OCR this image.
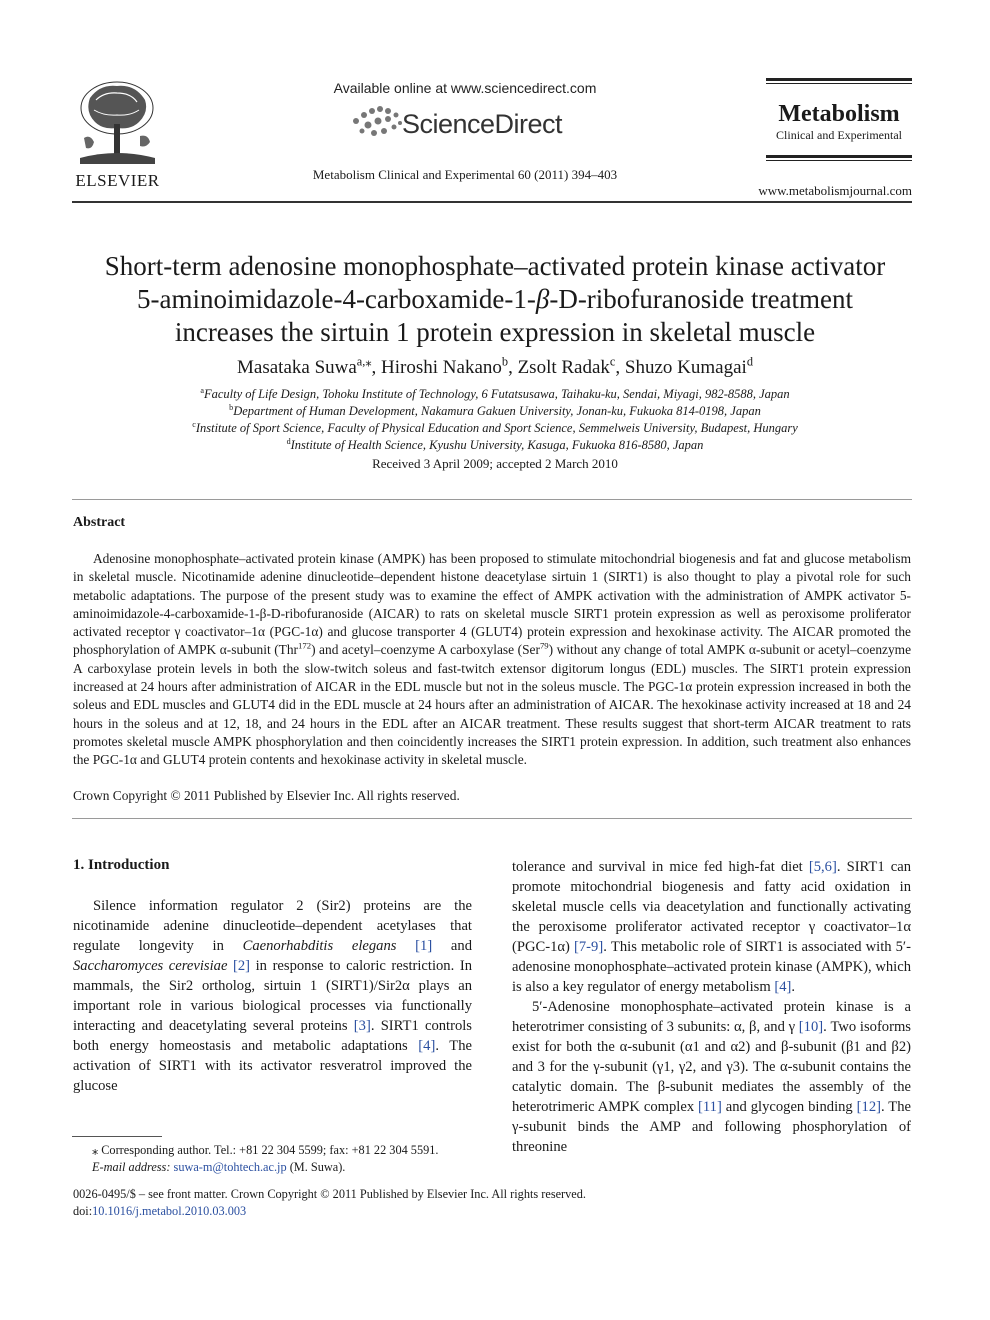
ELSEVIER
Available online at www.sciencedirect.com
ScienceDirect
Metabolism Clinical and Experimental 60 (2011) 394–403
Metabolism
Clinical and Experimental
www.metabolismjournal.com
Short-term adenosine monophosphate–activated protein kinase activator
5-aminoimidazole-4-carboxamide-1-β-D-ribofuranoside treatment
increases the sirtuin 1 protein expression in skeletal muscle
Masataka Suwa$^{a,⁎}$, Hiroshi Nakano$^b$, Zsolt Radak$^c$, Shuzo Kumagai$^d$
$^a$Faculty of Life Design, Tohoku Institute of Technology, 6 Futatsusawa, Taihaku-ku, Sendai, Miyagi, 982-8588, Japan
$^b$Department of Human Development, Nakamura Gakuen University, Jonan-ku, Fukuoka 814-0198, Japan
$^c$Institute of Sport Science, Faculty of Physical Education and Sport Science, Semmelweis University, Budapest, Hungary
$^d$Institute of Health Science, Kyushu University, Kasuga, Fukuoka 816-8580, Japan
Received 3 April 2009; accepted 2 March 2010
Abstract
Adenosine monophosphate–activated protein kinase (AMPK) has been proposed to stimulate mitochondrial biogenesis and fat and glucose metabolism in skeletal muscle. Nicotinamide adenine dinucleotide–dependent histone deacetylase sirtuin 1 (SIRT1) is also thought to play a pivotal role for such metabolic adaptations. The purpose of the present study was to examine the effect of AMPK activation with the administration of AMPK activator 5-aminoimidazole-4-carboxamide-1-β-D-ribofuranoside (AICAR) to rats on skeletal muscle SIRT1 protein expression as well as peroxisome proliferator activated receptor γ coactivator–1α (PGC-1α) and glucose transporter 4 (GLUT4) protein expression and hexokinase activity. The AICAR promoted the phosphorylation of AMPK α-subunit (Thr$^{172}$) and acetyl–coenzyme A carboxylase (Ser$^{79}$) without any change of total AMPK α-subunit or acetyl–coenzyme A carboxylase protein levels in both the slow-twitch soleus and fast-twitch extensor digitorum longus (EDL) muscles. The SIRT1 protein expression increased at 24 hours after administration of AICAR in the EDL muscle but not in the soleus muscle. The PGC-1α protein expression increased in both the soleus and EDL muscles and GLUT4 did in the EDL muscle at 24 hours after an administration of AICAR. The hexokinase activity increased at 18 and 24 hours in the soleus and at 12, 18, and 24 hours in the EDL after an AICAR treatment. These results suggest that short-term AICAR treatment to rats promotes skeletal muscle AMPK phosphorylation and then coincidently increases the SIRT1 protein expression. In addition, such treatment also enhances the PGC-1α and GLUT4 protein contents and hexokinase activity in skeletal muscle.
Crown Copyright © 2011 Published by Elsevier Inc. All rights reserved.
1. Introduction

Silence information regulator 2 (Sir2) proteins are the nicotinamide adenine dinucleotide–dependent acetylases that regulate longevity in Caenorhabditis elegans [1] and Saccharomyces cerevisiae [2] in response to caloric restriction. In mammals, the Sir2 ortholog, sirtuin 1 (SIRT1)/Sir2α plays an important role in various biological processes via functionally interacting and deacetylating several proteins [3]. SIRT1 controls both energy homeostasis and metabolic adaptations [4]. The activation of SIRT1 with its activator resveratrol improved the glucose

tolerance and survival in mice fed high-fat diet [5,6]. SIRT1 can promote mitochondrial biogenesis and fatty acid oxidation in skeletal muscle cells via deacetylation and functionally activating the peroxisome proliferator activated receptor γ coactivator–1α (PGC-1α) [7-9]. This metabolic role of SIRT1 is associated with 5′-adenosine monophosphate–activated protein kinase (AMPK), which is also a key regulator of energy metabolism [4].

5′-Adenosine monophosphate–activated protein kinase is a heterotrimer consisting of 3 subunits: α, β, and γ [10]. Two isoforms exist for both the α-subunit (α1 and α2) and β-subunit (β1 and β2) and 3 for the γ-subunit (γ1, γ2, and γ3). The α-subunit contains the catalytic domain. The β-subunit mediates the assembly of the heterotrimeric AMPK complex [11] and glycogen binding [12]. The γ-subunit binds the AMP and following phosphorylation of threonine

⁎ Corresponding author. Tel.: +81 22 304 5599; fax: +81 22 304 5591.
E-mail address: suwa-m@tohtech.ac.jp (M. Suwa).
0026-0495/$ – see front matter. Crown Copyright © 2011 Published by Elsevier Inc. All rights reserved.
doi:10.1016/j.metabol.2010.03.003
